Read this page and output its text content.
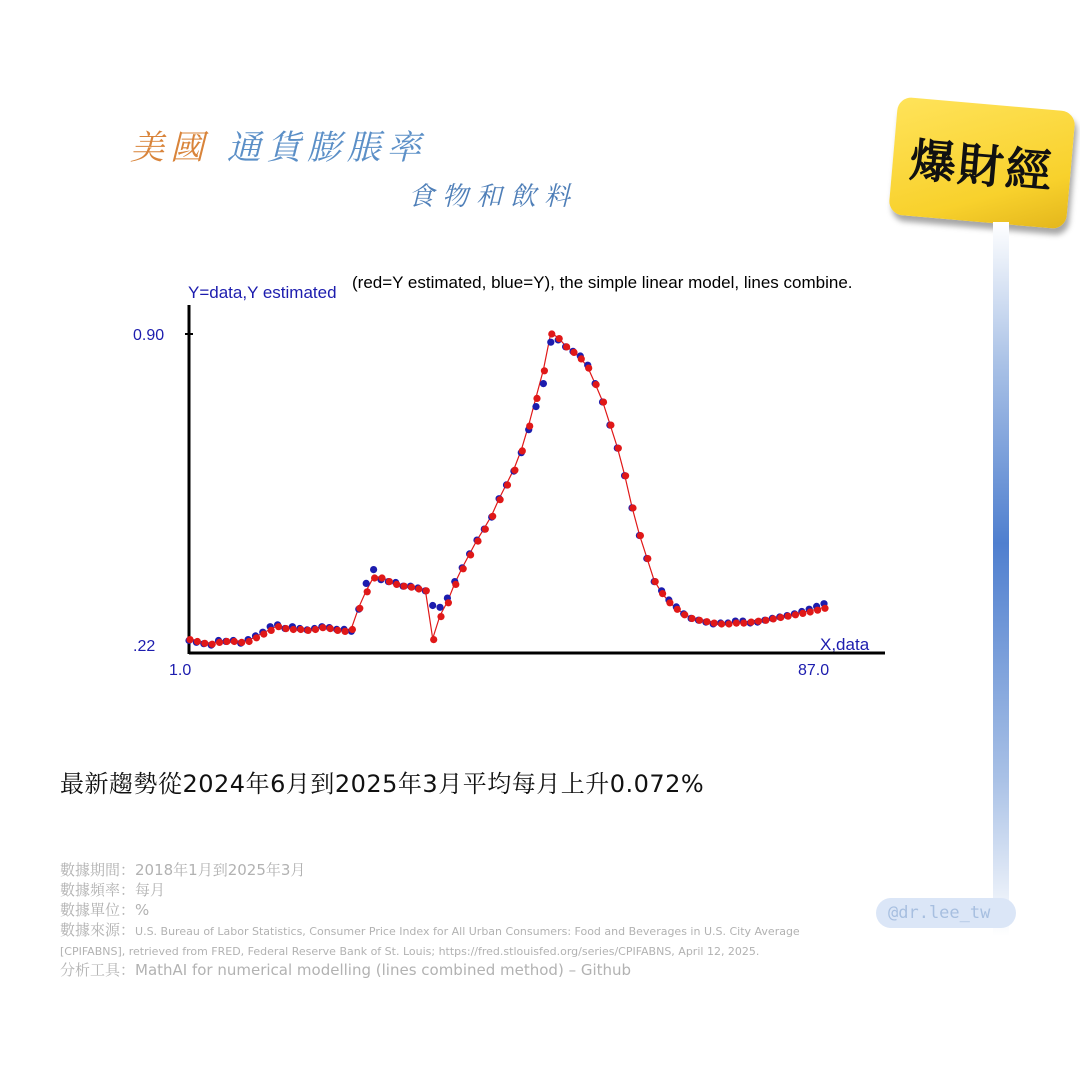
美國 通貨膨脹率
食物和飲料	爆財經
@dr.lee_tw
(red=Y estimated, blue=Y), the simple linear model, lines combine.
Y=data,Y estimated
X,data
.22
0.90
1.0	87.0
最新趨勢從2024年6月到2025年3月平均每月上升0.072%
數據期間：2018年1月到2025年3月
數據頻率：每月
數據單位：%
數據來源：U.S. Bureau of Labor Statistics, Consumer Price Index for All Urban Consumers: Food and Beverages in U.S. City Average [CPIFABNS], retrieved from FRED, Federal Reserve Bank of St. Louis; https://fred.stlouisfed.org/series/CPIFABNS, April 12, 2025.
分析工具：MathAI for numerical modelling (lines combined method) – Github
